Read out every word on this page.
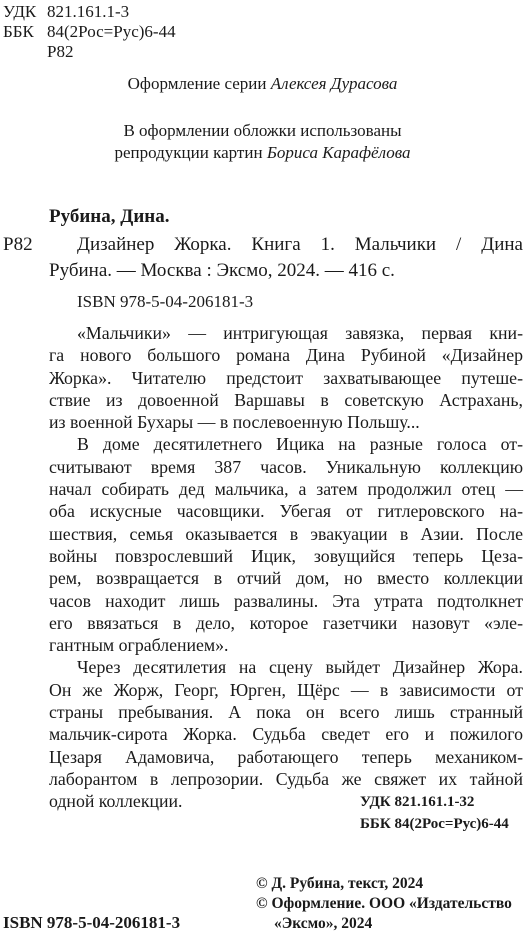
УДК 821.161.1-3
ББК 84(2Рос=Рус)6-44
Р82
Оформление серии Алексея Дурасова
В оформлении обложки использованы
репродукции картин Бориса Карафёлова
Рубина, Дина.
Р82 Дизайнер Жорка. Книга 1. Мальчики / Дина
Рубина. — Москва : Эксмо, 2024. — 416 с.
ISBN 978-5-04-206181-3
«Мальчики» — интригующая завязка, первая кни-
га нового большого романа Дина Рубиной «Дизайнер
Жорка». Читателю предстоит захватывающее путеше-
ствие из довоенной Варшавы в советскую Астрахань,
из военной Бухары — в послевоенную Польшу...
В доме десятилетнего Ицика на разные голоса от-
считывают время 387 часов. Уникальную коллекцию
начал собирать дед мальчика, а затем продолжил отец —
оба искусные часовщики. Убегая от гитлеровского на-
шествия, семья оказывается в эвакуации в Азии. После
войны повзрослевший Ицик, зовущийся теперь Цеза-
рем, возвращается в отчий дом, но вместо коллекции
часов находит лишь развалины. Эта утрата подтолкнет
его ввязаться в дело, которое газетчики назовут «эле-
гантным ограблением».
Через десятилетия на сцену выйдет Дизайнер Жора.
Он же Жорж, Георг, Юрген, Щёрс — в зависимости от
страны пребывания. А пока он всего лишь странный
мальчик-сирота Жорка. Судьба сведет его и пожилого
Цезаря Адамовича, работающего теперь механиком-
лаборантом в лепрозории. Судьба же свяжет их тайной
одной коллекции.	УДК 821.161.1-32
ББК 84(2Рос=Рус)6-44
© Д. Рубина, текст, 2024
© Оформление. ООО «Издательство
«Эксмо», 2024
ISBN 978-5-04-206181-3
